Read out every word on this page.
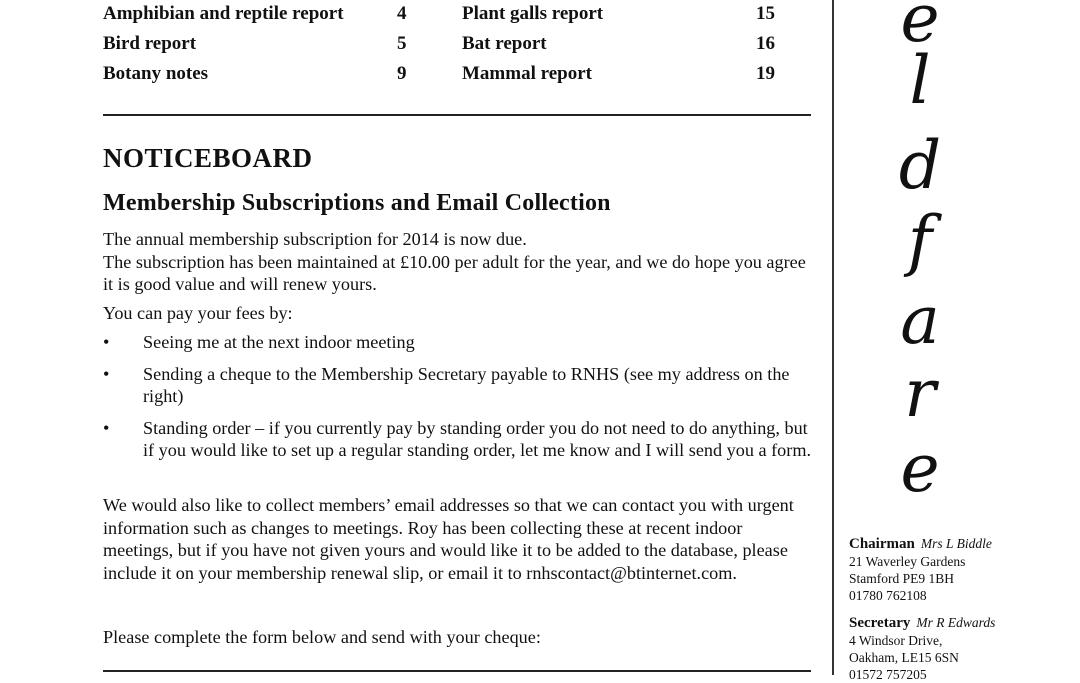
Amphibian and reptile report	4
Bird report	5
Botany notes	9
Plant galls report	15
Bat report	16
Mammal report	19
NOTICEBOARD
Membership Subscriptions and Email Collection

The annual membership subscription for 2014 is now due.

The subscription has been maintained at £10.00 per adult for the year, and we do hope you agree it is good value and will renew yours.

You can pay your fees by:
• Seeing me at the next indoor meeting
• Sending a cheque to the Membership Secretary payable to RNHS (see my address on the right)
• Standing order – if you currently pay by standing order you do not need to do anything, but if you would like to set up a regular standing order, let me know and I will send you a form.
We would also like to collect members’ email addresses so that we can contact you with urgent information such as changes to meetings. Roy has been collecting these at recent indoor meetings, but if you have not given yours and would like it to be added to the database, please include it on your membership renewal slip, or email it to rnhscontact@btinternet.com.
Please complete the form below and send with your cheque:
e
l
d
f
a
r
e
Chairman Mrs L Biddle
21 Waverley Gardens
Stamford PE9 1BH
01780 762108
Secretary Mr R Edwards
4 Windsor Drive,
Oakham, LE15 6SN
01572 757205
